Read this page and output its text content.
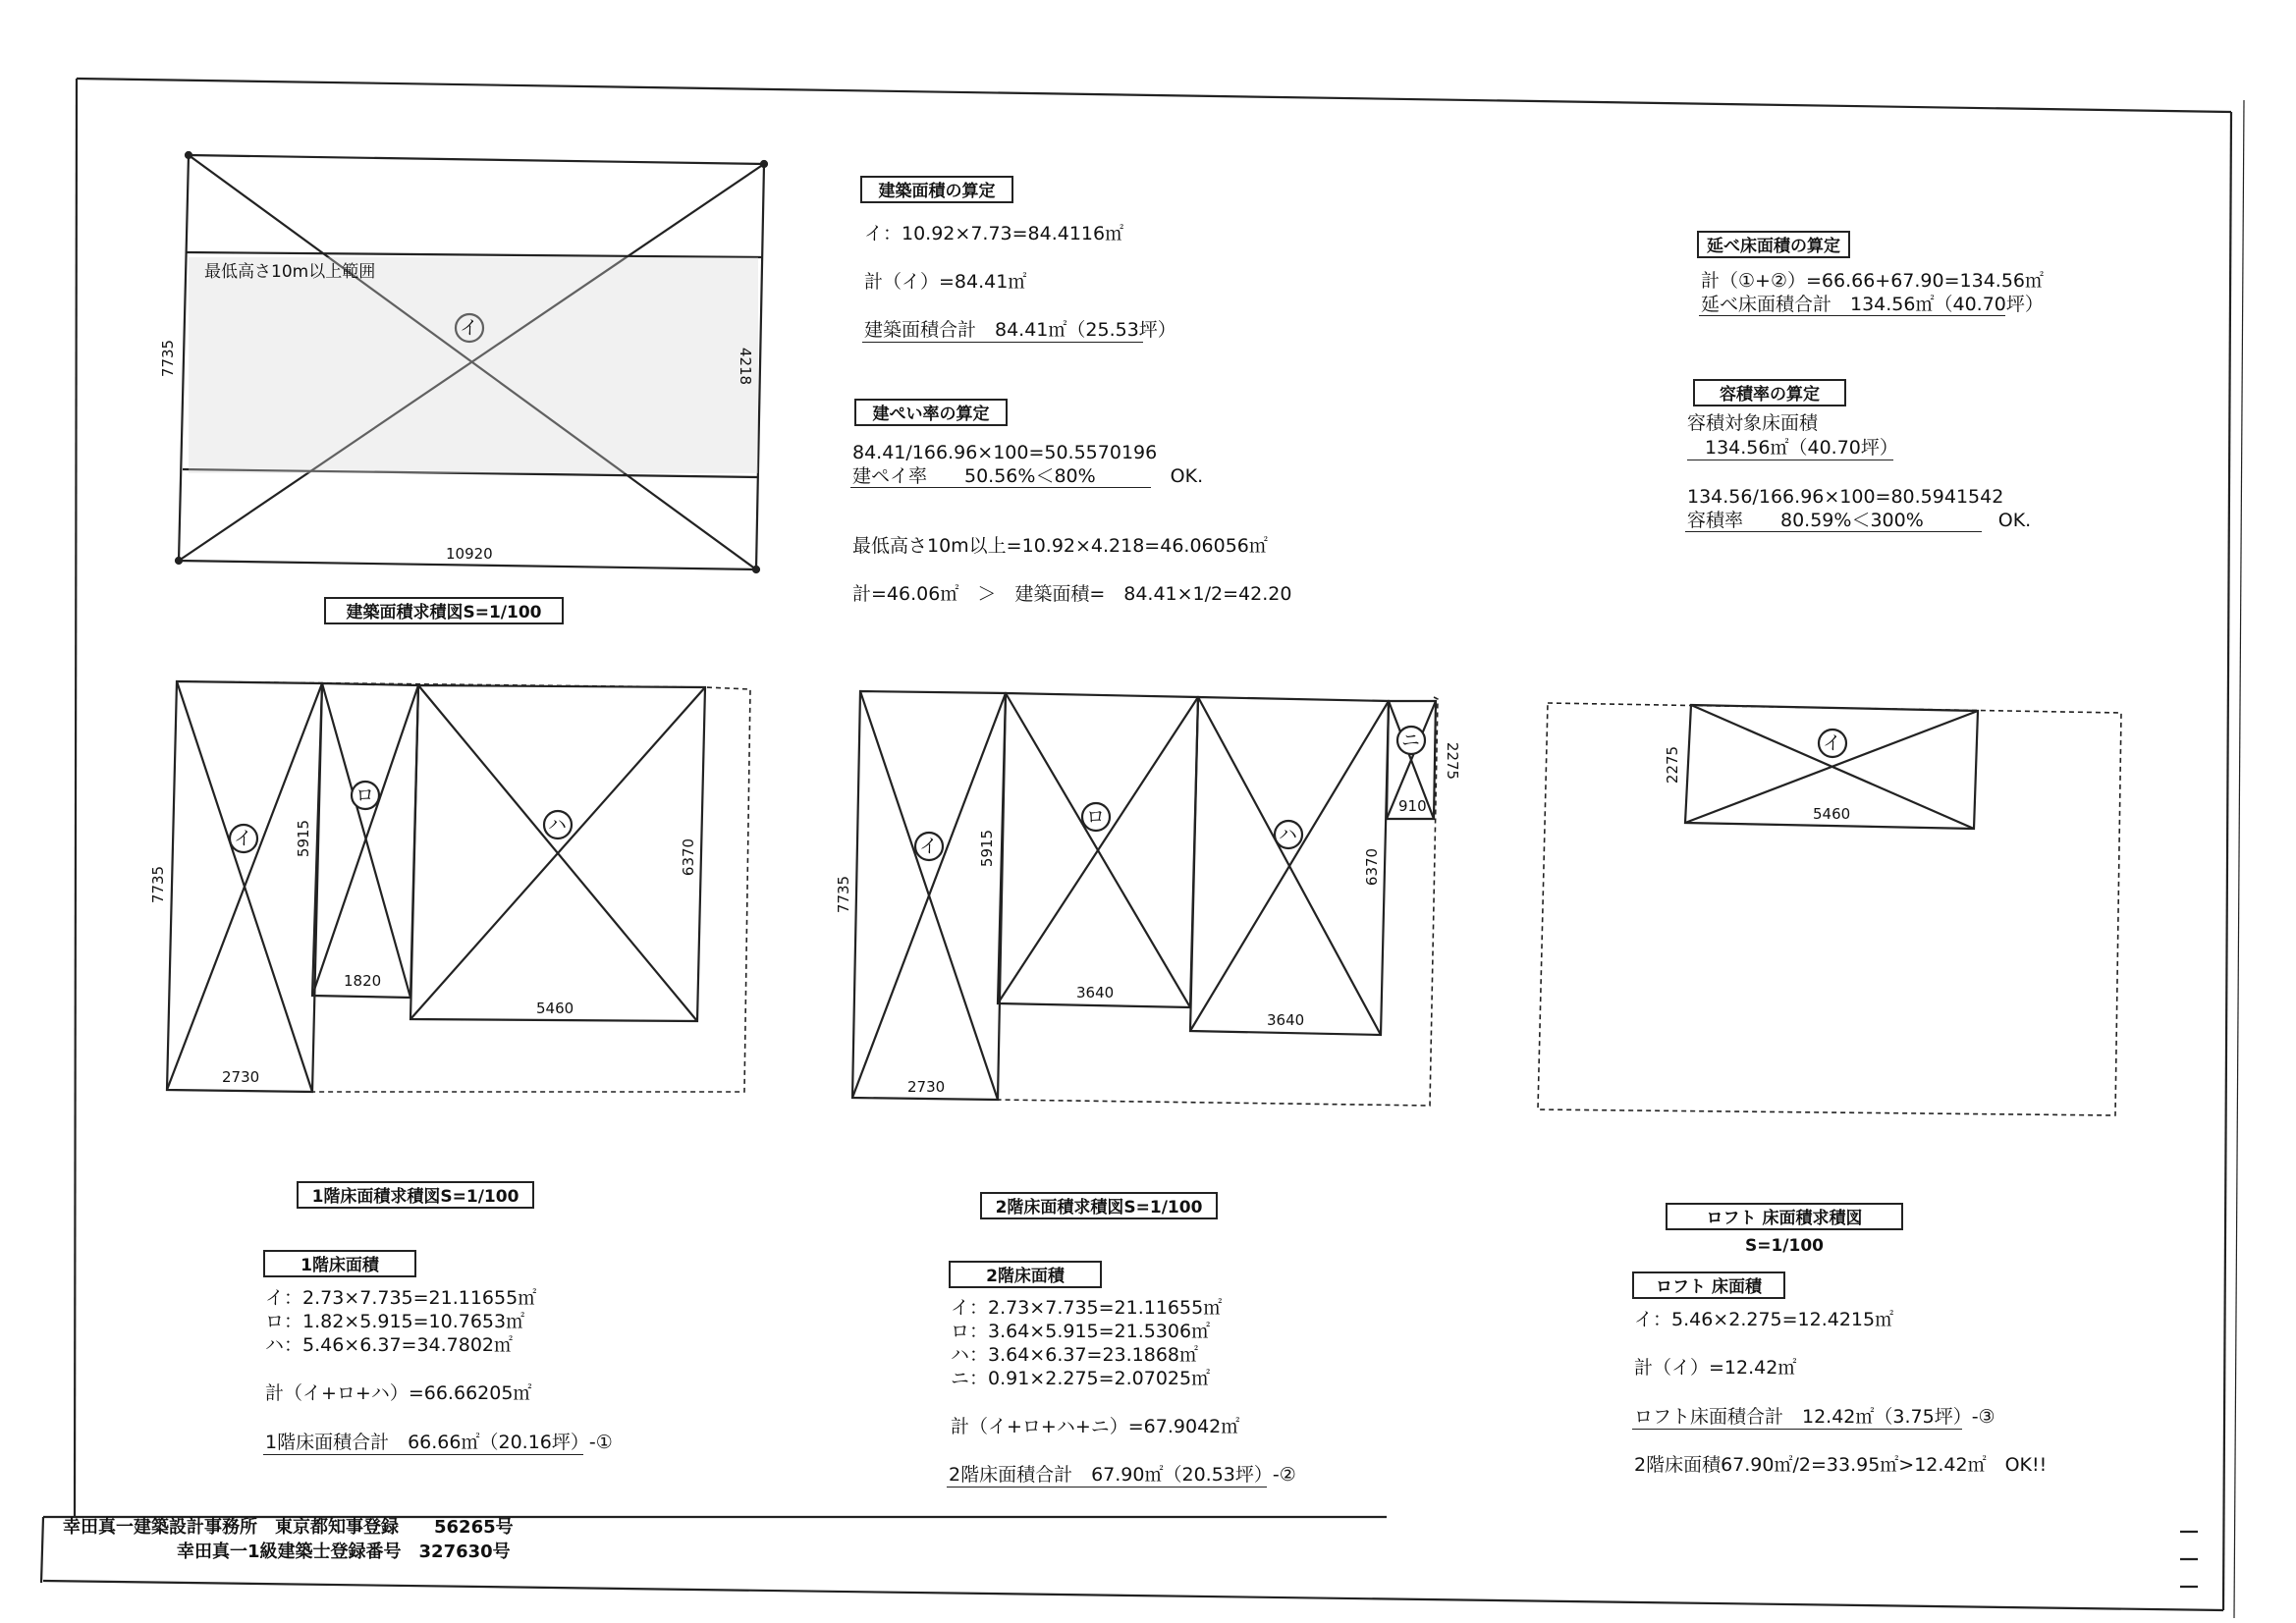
最低高さ10m以上範囲
イ
7735	4218
10920
建築面積求積図S=1/100
建築面積の算定
イ：10.92×7.73=84.4116㎡
計（イ）=84.41㎡
建築面積合計　84.41㎡（25.53坪）
建ぺい率の算定
84.41/166.96×100=50.5570196
建ペイ率　　50.56%＜80%　　　　OK.
最低高さ10m以上=10.92×4.218=46.06056㎡
計=46.06㎡　＞　建築面積=　84.41×1/2=42.20
延べ床面積の算定
計（①+②）=66.66+67.90=134.56㎡
延べ床面積合計　134.56㎡（40.70坪）
容積率の算定
容積対象床面積
134.56㎡（40.70坪）
134.56/166.96×100=80.5941542
容積率　　80.59%＜300%　　　　OK.
イ
ロ
ハ
7735
5915	6370
1820
5460
2730
イ
ロ
ハ
ニ
7735
5915	6370
2275
910
3640
3640
2730
イ
2275
5460
1階床面積求積図S=1/100
1階床面積
イ：2.73×7.735=21.11655㎡
ロ：1.82×5.915=10.7653㎡
ハ：5.46×6.37=34.7802㎡
計（イ+ロ+ハ）=66.66205㎡
1階床面積合計　66.66㎡（20.16坪）-①
2階床面積求積図S=1/100
2階床面積
イ：2.73×7.735=21.11655㎡
ロ：3.64×5.915=21.5306㎡
ハ：3.64×6.37=23.1868㎡
ニ：0.91×2.275=2.07025㎡
計（イ+ロ+ハ+ニ）=67.9042㎡
2階床面積合計　67.90㎡（20.53坪）-②
ロフト 床面積求積図S=1/100
ロフト 床面積
イ：5.46×2.275=12.4215㎡
計（イ）=12.42㎡
ロフト床面積合計　12.42㎡（3.75坪）-③
2階床面積67.90㎡/2=33.95㎡>12.42㎡　OK!!
幸田真一建築設計事務所　東京都知事登録　　56265号
幸田真一1級建築士登録番号　327630号
